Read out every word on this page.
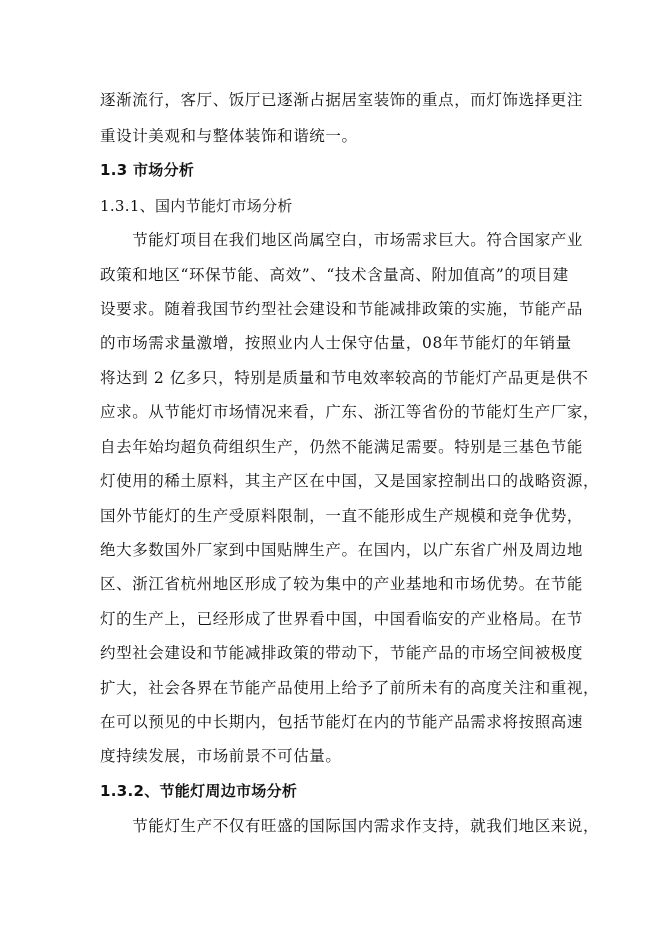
逐渐流行，客厅、饭厅已逐渐占据居室装饰的重点，而灯饰选择更注
重设计美观和与整体装饰和谐统一。
1.3 市场分析
1.3.1、国内节能灯市场分析
　　节能灯项目在我们地区尚属空白，市场需求巨大。符合国家产业
政策和地区“环保节能、高效”、“技术含量高、附加值高”的项目建
设要求。随着我国节约型社会建设和节能减排政策的实施，节能产品
的市场需求量激增，按照业内人士保守估量，08年节能灯的年销量
将达到 2 亿多只，特别是质量和节电效率较高的节能灯产品更是供不
应求。从节能灯市场情况来看，广东、浙江等省份的节能灯生产厂家，
自去年始均超负荷组织生产，仍然不能满足需要。特别是三基色节能
灯使用的稀土原料，其主产区在中国，又是国家控制出口的战略资源，
国外节能灯的生产受原料限制，一直不能形成生产规模和竞争优势，
绝大多数国外厂家到中国贴牌生产。在国内，以广东省广州及周边地
区、浙江省杭州地区形成了较为集中的产业基地和市场优势。在节能
灯的生产上，已经形成了世界看中国，中国看临安的产业格局。在节
约型社会建设和节能减排政策的带动下，节能产品的市场空间被极度
扩大，社会各界在节能产品使用上给予了前所未有的高度关注和重视，
在可以预见的中长期内，包括节能灯在内的节能产品需求将按照高速
度持续发展，市场前景不可估量。
1.3.2、节能灯周边市场分析
　　节能灯生产不仅有旺盛的国际国内需求作支持，就我们地区来说，
